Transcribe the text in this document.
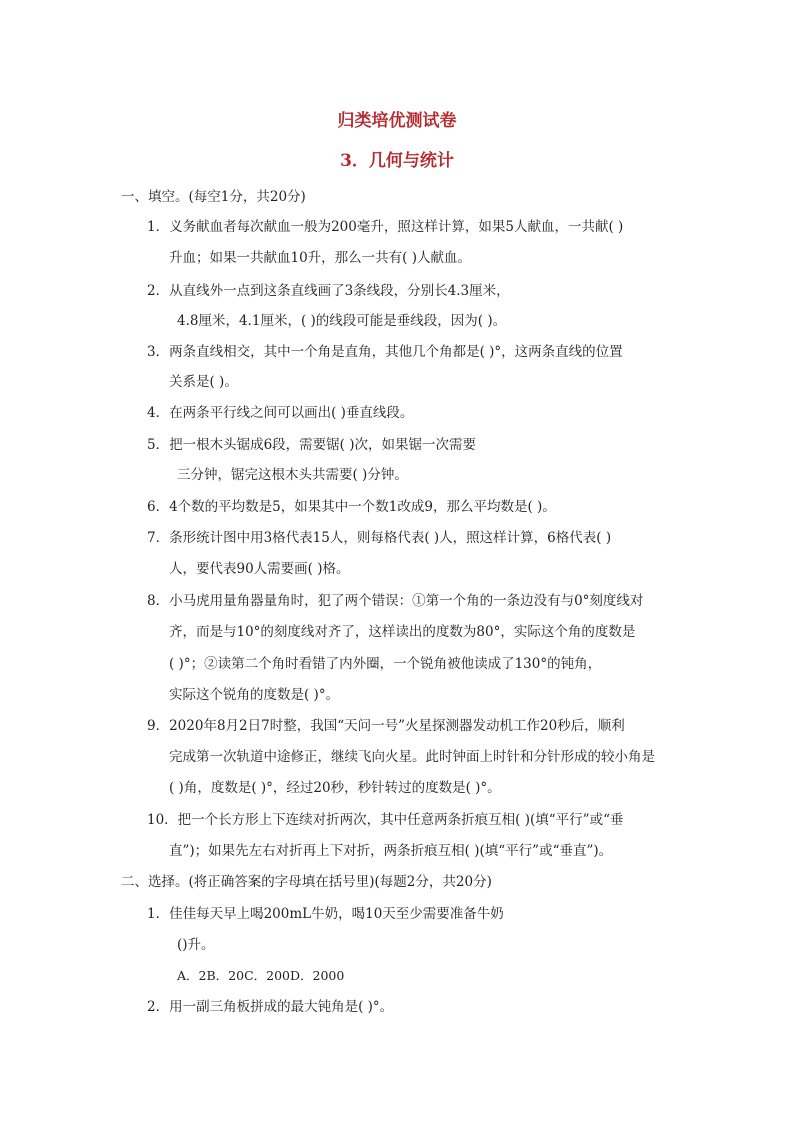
归类培优测试卷
3．几何与统计
一、填空。(每空1分，共20分)
1．义务献血者每次献血一般为200毫升，照这样计算，如果5人献血，一共献( )
升血；如果一共献血10升，那么一共有( )人献血。
2．从直线外一点到这条直线画了3条线段，分别长4.3厘米，
4.8厘米，4.1厘米，( )的线段可能是垂线段，因为( )。
3．两条直线相交，其中一个角是直角，其他几个角都是( )°，这两条直线的位置
关系是( )。
4．在两条平行线之间可以画出( )垂直线段。
5．把一根木头锯成6段，需要锯( )次，如果锯一次需要
三分钟，锯完这根木头共需要( )分钟。
6．4个数的平均数是5，如果其中一个数1改成9，那么平均数是( )。
7．条形统计图中用3格代表15人，则每格代表( )人，照这样计算，6格代表( )
人，要代表90人需要画( )格。
8．小马虎用量角器量角时，犯了两个错误：①第一个角的一条边没有与0°刻度线对
齐，而是与10°的刻度线对齐了，这样读出的度数为80°，实际这个角的度数是
( )°；②读第二个角时看错了内外圈，一个锐角被他读成了130°的钝角，
实际这个锐角的度数是( )°。
9．2020年8月2日7时整，我国“天问一号”火星探测器发动机工作20秒后，顺利
完成第一次轨道中途修正，继续飞向火星。此时钟面上时针和分针形成的较小角是
( )角，度数是( )°，经过20秒，秒针转过的度数是( )°。
10．把一个长方形上下连续对折两次，其中任意两条折痕互相( )(填“平行”或“垂
直”)；如果先左右对折再上下对折，两条折痕互相( )(填“平行”或“垂直”)。
二、选择。(将正确答案的字母填在括号里)(每题2分，共20分)
1．佳佳每天早上喝200mL牛奶，喝10天至少需要准备牛奶
()升。
A．2B．20C．200D．2000
2．用一副三角板拼成的最大钝角是( )°。
